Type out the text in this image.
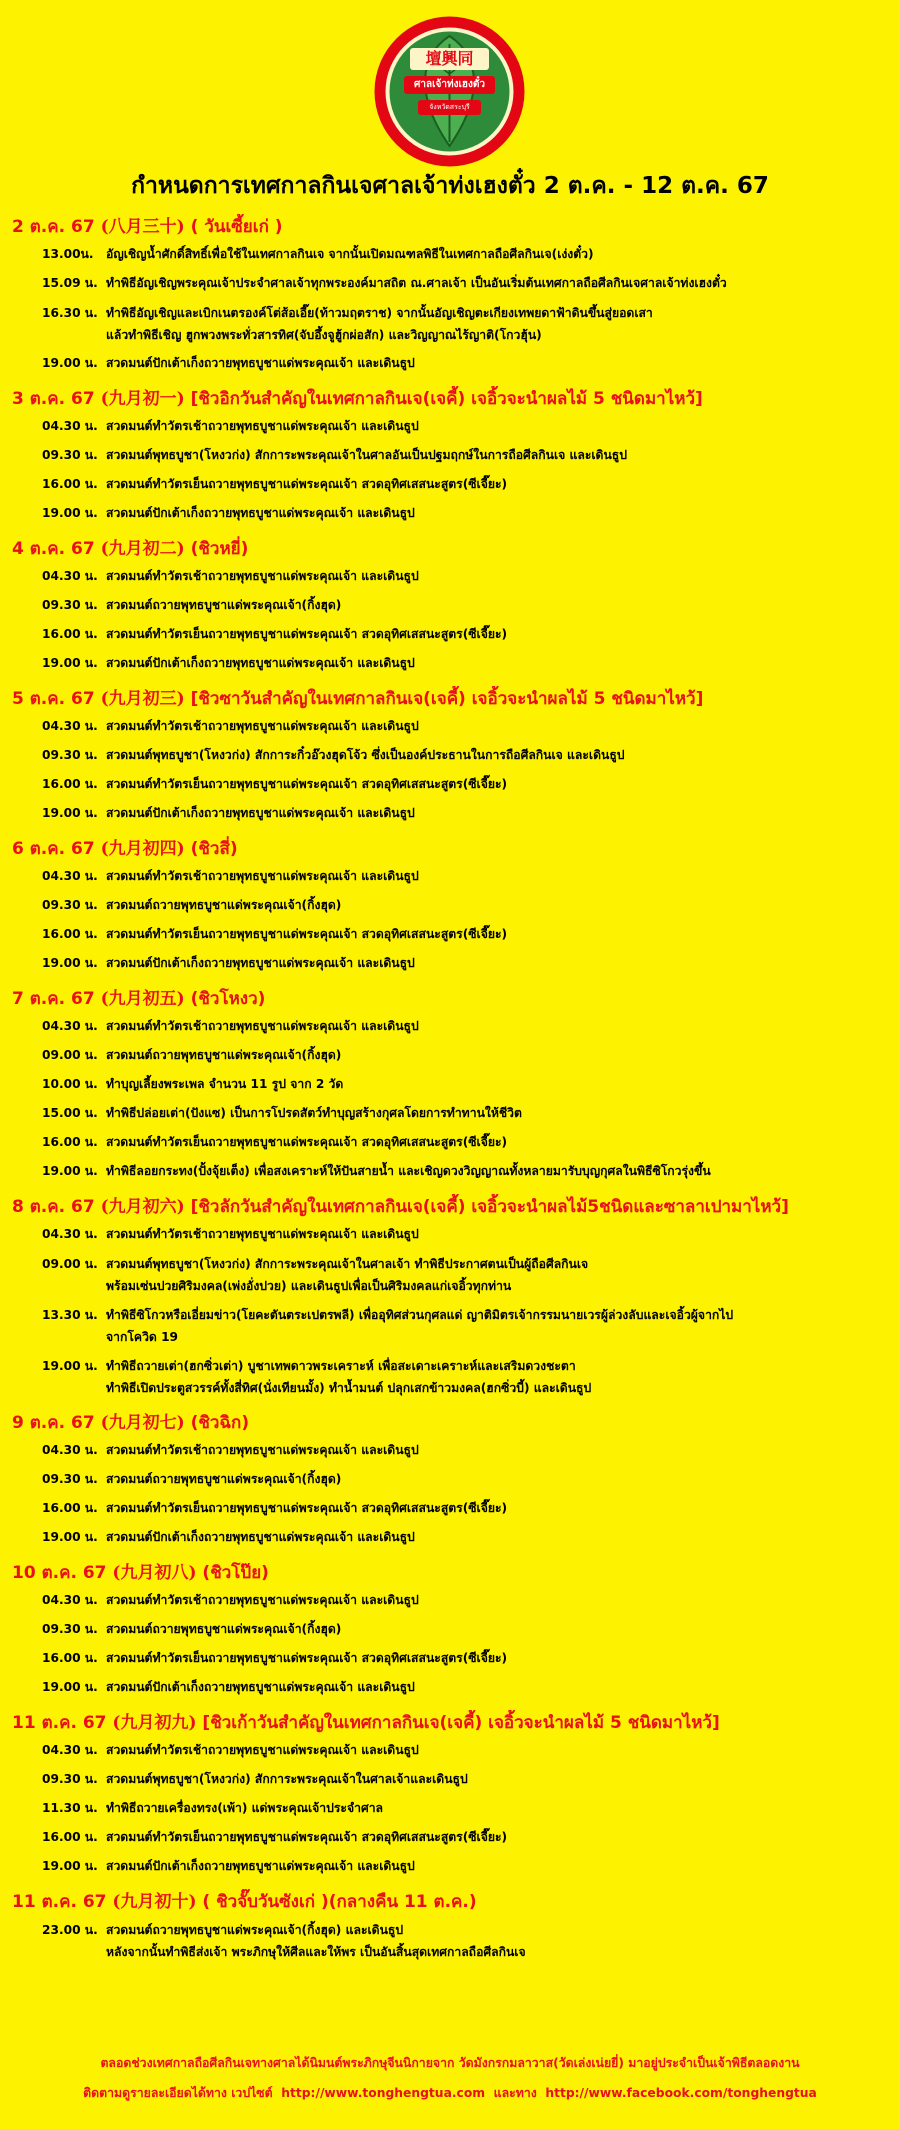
壇興同
ศาลเจ้าท่งเฮงตั๋ว
จังหวัดสระบุรี
กำหนดการเทศกาลกินเจศาลเจ้าท่งเฮงตั๋ว 2 ต.ค. - 12 ต.ค. 67
2 ต.ค. 67 (八月三十) ( วันเซี้ยเก่ )
13.00น.	อัญเชิญน้ำศักดิ์สิทธิ์เพื่อใช้ในเทศกาลกินเจ จากนั้นเปิดมณฑลพิธีในเทศกาลถือศีลกินเจ(เง่งตั๋ว)
15.09 น. ทำพิธีอัญเชิญพระคุณเจ้าประจำศาลเจ้าทุกพระองค์มาสถิต ณ.ศาลเจ้า เป็นอันเริ่มต้นเทศกาลถือศีลกินเจศาลเจ้าท่งเฮงตั๋ว
16.30 น. ทำพิธีอัญเชิญและเบิกเนตรองค์โต่ส้อเอี๊ย(ท้าวมฤตราช) จากนั้นอัญเชิญตะเกียงเทพยดาฟ้าดินขึ้นสู่ยอดเสา
แล้วทำพิธีเชิญ ฮูกพวงพระทั่วสารทิศ(จับอึ้งจูฮู้กผ่อสัก) และวิญญาณไร้ญาติ(โกวฮุ้น)
19.00 น. สวดมนต์ปักเต้าเก็งถวายพุทธบูชาแด่พระคุณเจ้า และเดินธูป
3 ต.ค. 67 (九月初一) [ชิวอิกวันสำคัญในเทศกาลกินเจ(เจคี้) เจอิ้วจะนำผลไม้ 5 ชนิดมาไหว้]
04.30 น. สวดมนต์ทำวัตรเช้าถวายพุทธบูชาแด่พระคุณเจ้า และเดินธูป
09.30 น. สวดมนต์พุทธบูชา(โหงวก่ง) สักการะพระคุณเจ้าในศาลอันเป็นปฐมฤกษ์ในการถือศีลกินเจ และเดินธูป
16.00 น. สวดมนต์ทำวัตรเย็นถวายพุทธบูชาแด่พระคุณเจ้า สวดอุทิศเสสนะสูตร(ซีเจี๊ยะ)
19.00 น. สวดมนต์ปักเต้าเก็งถวายพุทธบูชาแด่พระคุณเจ้า และเดินธูป
4 ต.ค. 67 (九月初二) (ชิวหยี่)
04.30 น. สวดมนต์ทำวัตรเช้าถวายพุทธบูชาแด่พระคุณเจ้า และเดินธูป
09.30 น. สวดมนต์ถวายพุทธบูชาแด่พระคุณเจ้า(กิ้งฮุด)
16.00 น. สวดมนต์ทำวัตรเย็นถวายพุทธบูชาแด่พระคุณเจ้า สวดอุทิศเสสนะสูตร(ซีเจี๊ยะ)
19.00 น. สวดมนต์ปักเต้าเก็งถวายพุทธบูชาแด่พระคุณเจ้า และเดินธูป
5 ต.ค. 67 (九月初三) [ชิวซาวันสำคัญในเทศกาลกินเจ(เจคี้) เจอิ้วจะนำผลไม้ 5 ชนิดมาไหว้]
04.30 น. สวดมนต์ทำวัตรเช้าถวายพุทธบูชาแด่พระคุณเจ้า และเดินธูป
09.30 น. สวดมนต์พุทธบูชา(โหงวก่ง) สักการะกิ๋วอ๊วงฮุดโจ้ว ซึ่งเป็นองค์ประธานในการถือศีลกินเจ และเดินธูป
16.00 น. สวดมนต์ทำวัตรเย็นถวายพุทธบูชาแด่พระคุณเจ้า สวดอุทิศเสสนะสูตร(ซีเจี๊ยะ)
19.00 น. สวดมนต์ปักเต้าเก็งถวายพุทธบูชาแด่พระคุณเจ้า และเดินธูป
6 ต.ค. 67 (九月初四) (ชิวสี่)
04.30 น. สวดมนต์ทำวัตรเช้าถวายพุทธบูชาแด่พระคุณเจ้า และเดินธูป
09.30 น. สวดมนต์ถวายพุทธบูชาแด่พระคุณเจ้า(กิ้งฮุด)
16.00 น. สวดมนต์ทำวัตรเย็นถวายพุทธบูชาแด่พระคุณเจ้า สวดอุทิศเสสนะสูตร(ซีเจี๊ยะ)
19.00 น. สวดมนต์ปักเต้าเก็งถวายพุทธบูชาแด่พระคุณเจ้า และเดินธูป
7 ต.ค. 67 (九月初五) (ชิวโหงว)
04.30 น. สวดมนต์ทำวัตรเช้าถวายพุทธบูชาแด่พระคุณเจ้า และเดินธูป
09.00 น. สวดมนต์ถวายพุทธบูชาแด่พระคุณเจ้า(กิ้งฮุด)
10.00 น. ทำบุญเลี้ยงพระเพล จำนวน 11 รูป จาก 2 วัด
15.00 น. ทำพิธีปล่อยเต่า(ปังแซ) เป็นการโปรดสัตว์ทำบุญสร้างกุศลโดยการทำทานให้ชีวิต
16.00 น. สวดมนต์ทำวัตรเย็นถวายพุทธบูชาแด่พระคุณเจ้า สวดอุทิศเสสนะสูตร(ซีเจี๊ยะ)
19.00 น. ทำพิธีลอยกระทง(ปั้งจุ้ยเต็ง) เพื่อสงเคราะห์ให้ปันสายน้ำ และเชิญดวงวิญญาณทั้งหลายมารับบุญกุศลในพิธีซิโกวรุ่งขึ้น
8 ต.ค. 67 (九月初六) [ชิวลักวันสำคัญในเทศกาลกินเจ(เจคี้) เจอิ้วจะนำผลไม้5ชนิดและซาลาเปามาไหว้]
04.30 น. สวดมนต์ทำวัตรเช้าถวายพุทธบูชาแด่พระคุณเจ้า และเดินธูป
09.00 น. สวดมนต์พุทธบูชา(โหงวก่ง) สักการะพระคุณเจ้าในศาลเจ้า ทำพิธีประกาศตนเป็นผู้ถือศีลกินเจ
พร้อมเซ่นปวยศิริมงคล(เพ่งอั่งปวย) และเดินธูปเพื่อเป็นศิริมงคลแก่เจอิ้วทุกท่าน
13.30 น. ทำพิธีซิโกวหรือเอี่ยมข่าว(โยคะตันตระเปตรพลี) เพื่ออุทิศส่วนกุศลแด่ ญาติมิตรเจ้ากรรมนายเวรผู้ล่วงลับและเจอิ้วผู้จากไป
จากโควิด 19
19.00 น. ทำพิธีถวายเต่า(ฮกซิ่วเต่า) บูชาเทพดาวพระเคราะห์ เพื่อสะเดาะเคราะห์และเสริมดวงชะตา
ทำพิธีเปิดประตูสวรรค์ทั้งสี่ทิศ(นั่งเทียนมั้ง) ทำน้ำมนต์ ปลุกเสกข้าวมงคล(ฮกซิ่วบี้) และเดินธูป
9 ต.ค. 67 (九月初七) (ชิวฉิก)
04.30 น. สวดมนต์ทำวัตรเช้าถวายพุทธบูชาแด่พระคุณเจ้า และเดินธูป
09.30 น. สวดมนต์ถวายพุทธบูชาแด่พระคุณเจ้า(กิ้งฮุด)
16.00 น. สวดมนต์ทำวัตรเย็นถวายพุทธบูชาแด่พระคุณเจ้า สวดอุทิศเสสนะสูตร(ซีเจี๊ยะ)
19.00 น. สวดมนต์ปักเต้าเก็งถวายพุทธบูชาแด่พระคุณเจ้า และเดินธูป
10 ต.ค. 67 (九月初八) (ชิวโป๊ย)
04.30 น. สวดมนต์ทำวัตรเช้าถวายพุทธบูชาแด่พระคุณเจ้า และเดินธูป
09.30 น. สวดมนต์ถวายพุทธบูชาแด่พระคุณเจ้า(กิ้งฮุด)
16.00 น. สวดมนต์ทำวัตรเย็นถวายพุทธบูชาแด่พระคุณเจ้า สวดอุทิศเสสนะสูตร(ซีเจี๊ยะ)
19.00 น. สวดมนต์ปักเต้าเก็งถวายพุทธบูชาแด่พระคุณเจ้า และเดินธูป
11 ต.ค. 67 (九月初九) [ชิวเก้าวันสำคัญในเทศกาลกินเจ(เจคี้) เจอิ้วจะนำผลไม้ 5 ชนิดมาไหว้]
04.30 น. สวดมนต์ทำวัตรเช้าถวายพุทธบูชาแด่พระคุณเจ้า และเดินธูป
09.30 น. สวดมนต์พุทธบูชา(โหงวก่ง) สักการะพระคุณเจ้าในศาลเจ้าและเดินธูป
11.30 น. ทำพิธีถวายเครื่องทรง(เพ้า) แด่พระคุณเจ้าประจำศาล
16.00 น. สวดมนต์ทำวัตรเย็นถวายพุทธบูชาแด่พระคุณเจ้า สวดอุทิศเสสนะสูตร(ซีเจี๊ยะ)
19.00 น. สวดมนต์ปักเต้าเก็งถวายพุทธบูชาแด่พระคุณเจ้า และเดินธูป
11 ต.ค. 67 (九月初十) ( ชิวจั๊บวันซังเก่ )(กลางคืน 11 ต.ค.)
23.00 น. สวดมนต์ถวายพุทธบูชาแด่พระคุณเจ้า(กิ้งฮุด) และเดินธูป
หลังจากนั้นทำพิธีส่งเจ้า พระภิกษุให้ศีลและให้พร เป็นอันสิ้นสุดเทศกาลถือศีลกินเจ
ตลอดช่วงเทศกาลถือศีลกินเจทางศาลได้นิมนต์พระภิกษุจีนนิกายจาก วัดมังกรกมลาวาส(วัดเล่งเน่ยยี่) มาอยู่ประจำเป็นเจ้าพิธีตลอดงาน
ติดตามดูรายละเอียดได้ทาง เวปไซต์ http://www.tonghengtua.com และทาง http://www.facebook.com/tonghengtua
